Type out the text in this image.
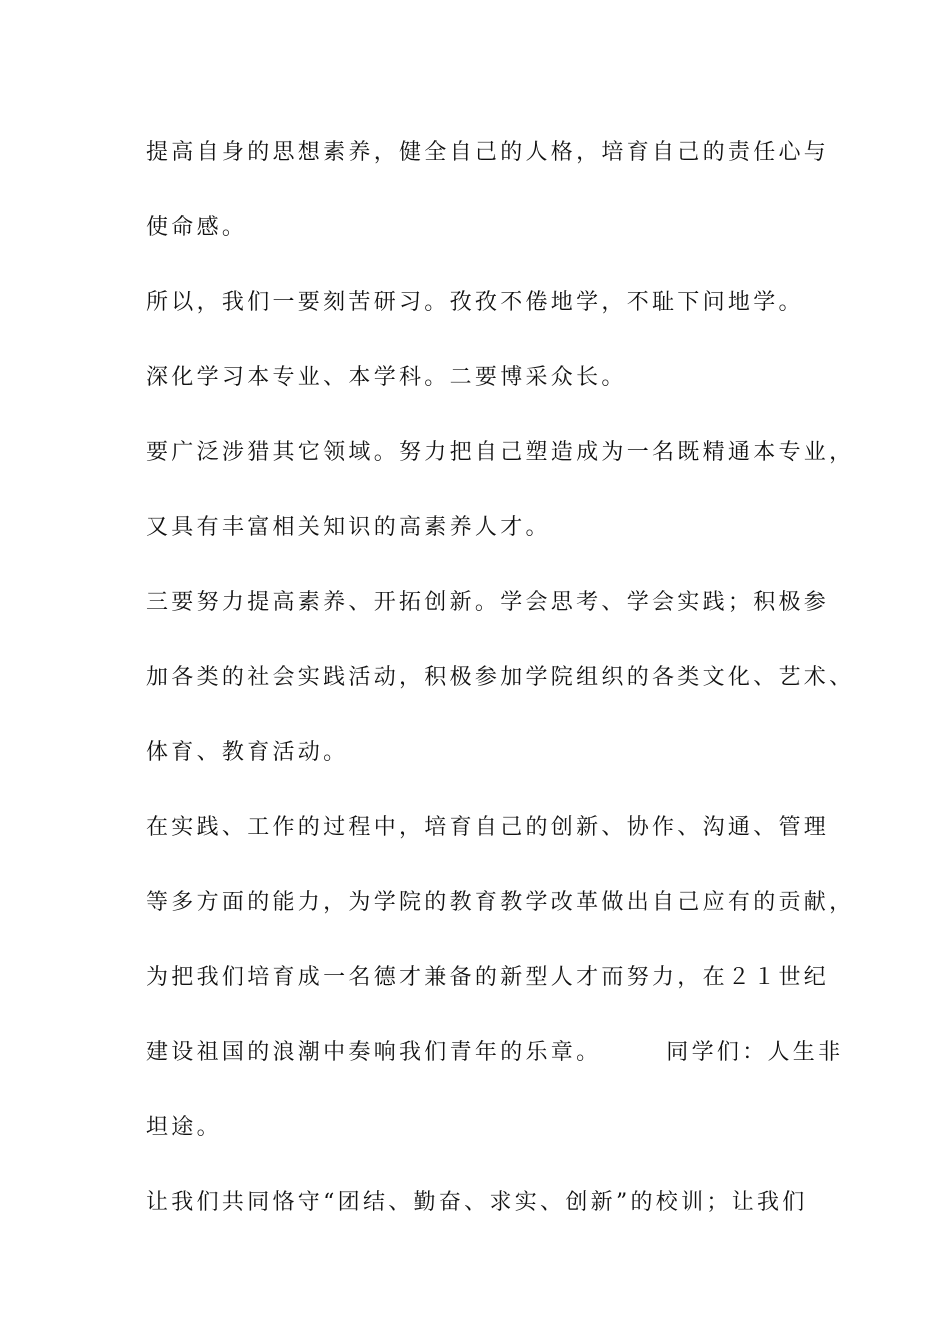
提高自身的思想素养，健全自己的人格，培育自己的责任心与
使命感。
所以，我们一要刻苦研习。孜孜不倦地学，不耻下问地学。
深化学习本专业、本学科。二要博采众长。
要广泛涉猎其它领域。努力把自己塑造成为一名既精通本专业，
又具有丰富相关知识的高素养人才。
三要努力提高素养、开拓创新。学会思考、学会实践；积极参
加各类的社会实践活动，积极参加学院组织的各类文化、艺术、
体育、教育活动。
在实践、工作的过程中，培育自己的创新、协作、沟通、管理
等多方面的能力，为学院的教育教学改革做出自己应有的贡献，
为把我们培育成一名德才兼备的新型人才而努力，在２１世纪
建设祖国的浪潮中奏响我们青年的乐章。　　　同学们：人生非
坦途。
让我们共同恪守“团结、勤奋、求实、创新”的校训；让我们
